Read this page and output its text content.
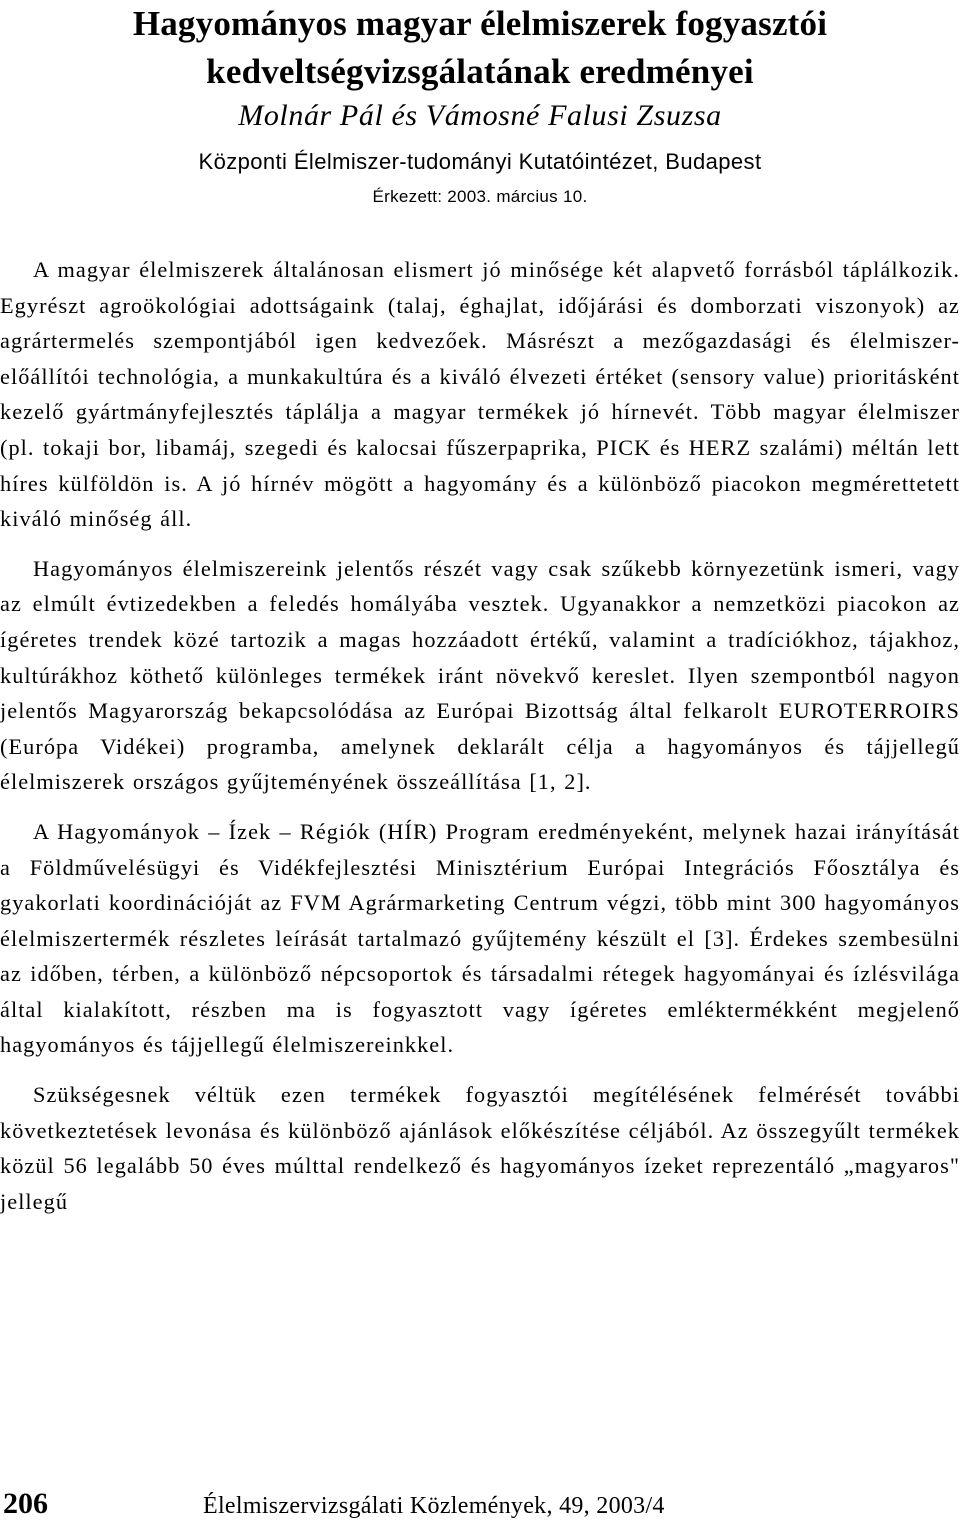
Hagyományos magyar élelmiszerek fogyasztói kedveltségvizsgálatának eredményei
Molnár Pál és Vámosné Falusi Zsuzsa
Központi Élelmiszer-tudományi Kutatóintézet, Budapest
Érkezett: 2003. március 10.

A magyar élelmiszerek általánosan elismert jó minősége két alapvető forrásból táplálkozik. Egyrészt agroökológiai adottságaink (talaj, éghajlat, időjárási és domborzati viszonyok) az agrártermelés szempontjából igen kedvezőek. Másrészt a mezőgazdasági és élelmiszer-előállítói technológia, a munkakultúra és a kiváló élvezeti értéket (sensory value) prioritásként kezelő gyártmányfejlesztés táplálja a magyar termékek jó hírnevét. Több magyar élelmiszer (pl. tokaji bor, libamáj, szegedi és kalocsai fűszerpaprika, PICK és HERZ szalámi) méltán lett híres külföldön is. A jó hírnév mögött a hagyomány és a különböző piacokon megmérettetett kiváló minőség áll.

Hagyományos élelmiszereink jelentős részét vagy csak szűkebb környezetünk ismeri, vagy az elmúlt évtizedekben a feledés homályába vesztek. Ugyanakkor a nemzetközi piacokon az ígéretes trendek közé tartozik a magas hozzáadott értékű, valamint a tradíciókhoz, tájakhoz, kultúrákhoz köthető különleges termékek iránt növekvő kereslet. Ilyen szempontból nagyon jelentős Magyarország bekapcsolódása az Európai Bizottság által felkarolt EUROTERROIRS (Európa Vidékei) programba, amelynek deklarált célja a hagyományos és tájjellegű élelmiszerek országos gyűjteményének összeállítása [1, 2].

A Hagyományok – Ízek – Régiók (HÍR) Program eredményeként, melynek hazai irányítását a Földművelésügyi és Vidékfejlesztési Minisztérium Európai Integrációs Főosztálya és gyakorlati koordinációját az FVM Agrármarketing Centrum végzi, több mint 300 hagyományos élelmiszertermék részletes leírását tartalmazó gyűjtemény készült el [3]. Érdekes szembesülni az időben, térben, a különböző népcsoportok és társadalmi rétegek hagyományai és ízlésvilága által kialakított, részben ma is fogyasztott vagy ígéretes emléktermékként megjelenő hagyományos és tájjellegű élelmiszereinkkel.

Szükségesnek véltük ezen termékek fogyasztói megítélésének felmérését további következtetések levonása és különböző ajánlások előkészítése céljából. Az összegyűlt termékek közül 56 legalább 50 éves múlttal rendelkező és hagyományos ízeket reprezentáló „magyaros" jellegű

206	Élelmiszervizsgálati Közlemények, 49, 2003/4
